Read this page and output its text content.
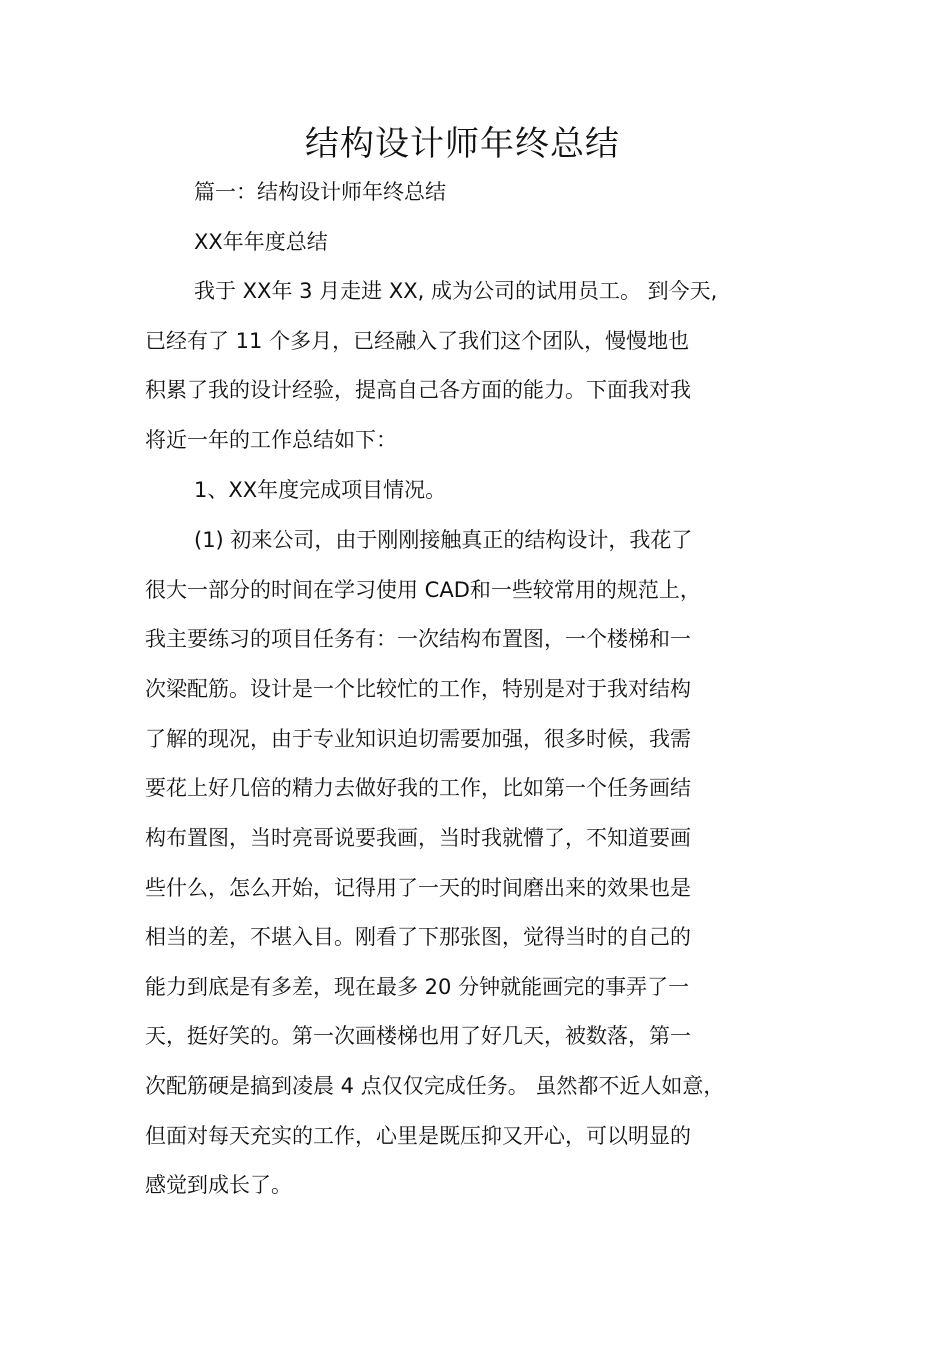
结构设计师年终总结
篇一：结构设计师年终总结
XX年年度总结
我于 XX年 3 月走进 XX, 成为公司的试用员工。 到今天,
已经有了 11 个多月，已经融入了我们这个团队，慢慢地也
积累了我的设计经验，提高自己各方面的能力。下面我对我
将近一年的工作总结如下：
1、XX年度完成项目情况。
(1) 初来公司，由于刚刚接触真正的结构设计，我花了
很大一部分的时间在学习使用 CAD和一些较常用的规范上，
我主要练习的项目任务有：一次结构布置图，一个楼梯和一
次梁配筋。设计是一个比较忙的工作，特别是对于我对结构
了解的现况，由于专业知识迫切需要加强，很多时候，我需
要花上好几倍的精力去做好我的工作，比如第一个任务画结
构布置图，当时亮哥说要我画，当时我就懵了，不知道要画
些什么，怎么开始，记得用了一天的时间磨出来的效果也是
相当的差，不堪入目。刚看了下那张图，觉得当时的自己的
能力到底是有多差，现在最多 20 分钟就能画完的事弄了一
天，挺好笑的。第一次画楼梯也用了好几天，被数落，第一
次配筋硬是搞到凌晨 4 点仅仅完成任务。 虽然都不近人如意，
但面对每天充实的工作，心里是既压抑又开心，可以明显的
感觉到成长了。
